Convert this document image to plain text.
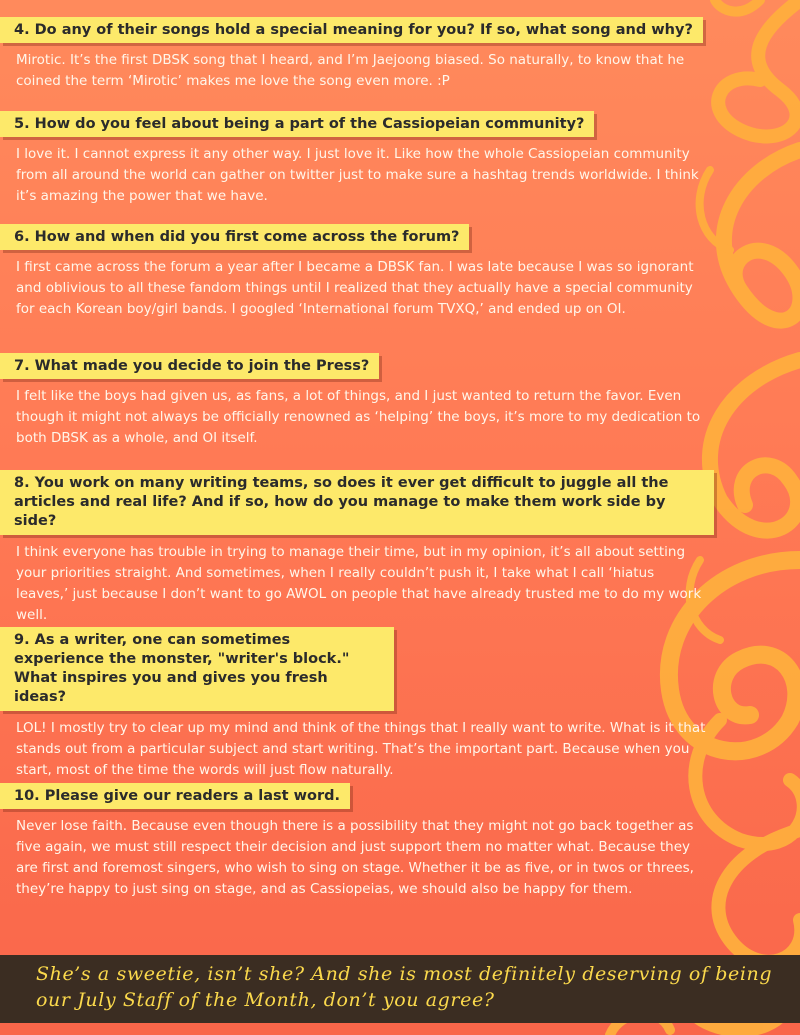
4. Do any of their songs hold a special meaning for you? If so, what song and why?
Mirotic. It’s the first DBSK song that I heard, and I’m Jaejoong biased. So naturally, to know that he coined the term ‘Mirotic’ makes me love the song even more. :P
5. How do you feel about being a part of the Cassiopeian community?
I love it. I cannot express it any other way. I just love it. Like how the whole Cassiopeian community from all around the world can gather on twitter just to make sure a hashtag trends worldwide. I think it’s amazing the power that we have.
6. How and when did you first come across the forum?
I first came across the forum a year after I became a DBSK fan. I was late because I was so ignorant and oblivious to all these fandom things until I realized that they actually have a special community for each Korean boy/girl bands. I googled ‘International forum TVXQ,’ and ended up on OI.
7. What made you decide to join the Press?
I felt like the boys had given us, as fans, a lot of things, and I just wanted to return the favor. Even though it might not always be officially renowned as ‘helping’ the boys, it’s more to my dedication to both DBSK as a whole, and OI itself.
8. You work on many writing teams, so does it ever get difficult to juggle all the articles and real life? And if so, how do you manage to make them work side by side?
I think everyone has trouble in trying to manage their time, but in my opinion, it’s all about setting your priorities straight. And sometimes, when I really couldn’t push it, I take what I call ‘hiatus leaves,’ just because I don’t want to go AWOL on people that have already trusted me to do my work well.
9. As a writer, one can sometimes experience the monster, "writer's block." What inspires you and gives you fresh ideas?
LOL! I mostly try to clear up my mind and think of the things that I really want to write. What is it that stands out from a particular subject and start writing. That’s the important part. Because when you start, most of the time the words will just flow naturally.
10. Please give our readers a last word.
Never lose faith. Because even though there is a possibility that they might not go back together as five again, we must still respect their decision and just support them no matter what. Because they are first and foremost singers, who wish to sing on stage. Whether it be as five, or in twos or threes, they’re happy to just sing on stage, and as Cassiopeias, we should also be happy for them.
She’s a sweetie, isn’t she? And she is most definitely deserving of being our July Staff of the Month, don’t you agree?
